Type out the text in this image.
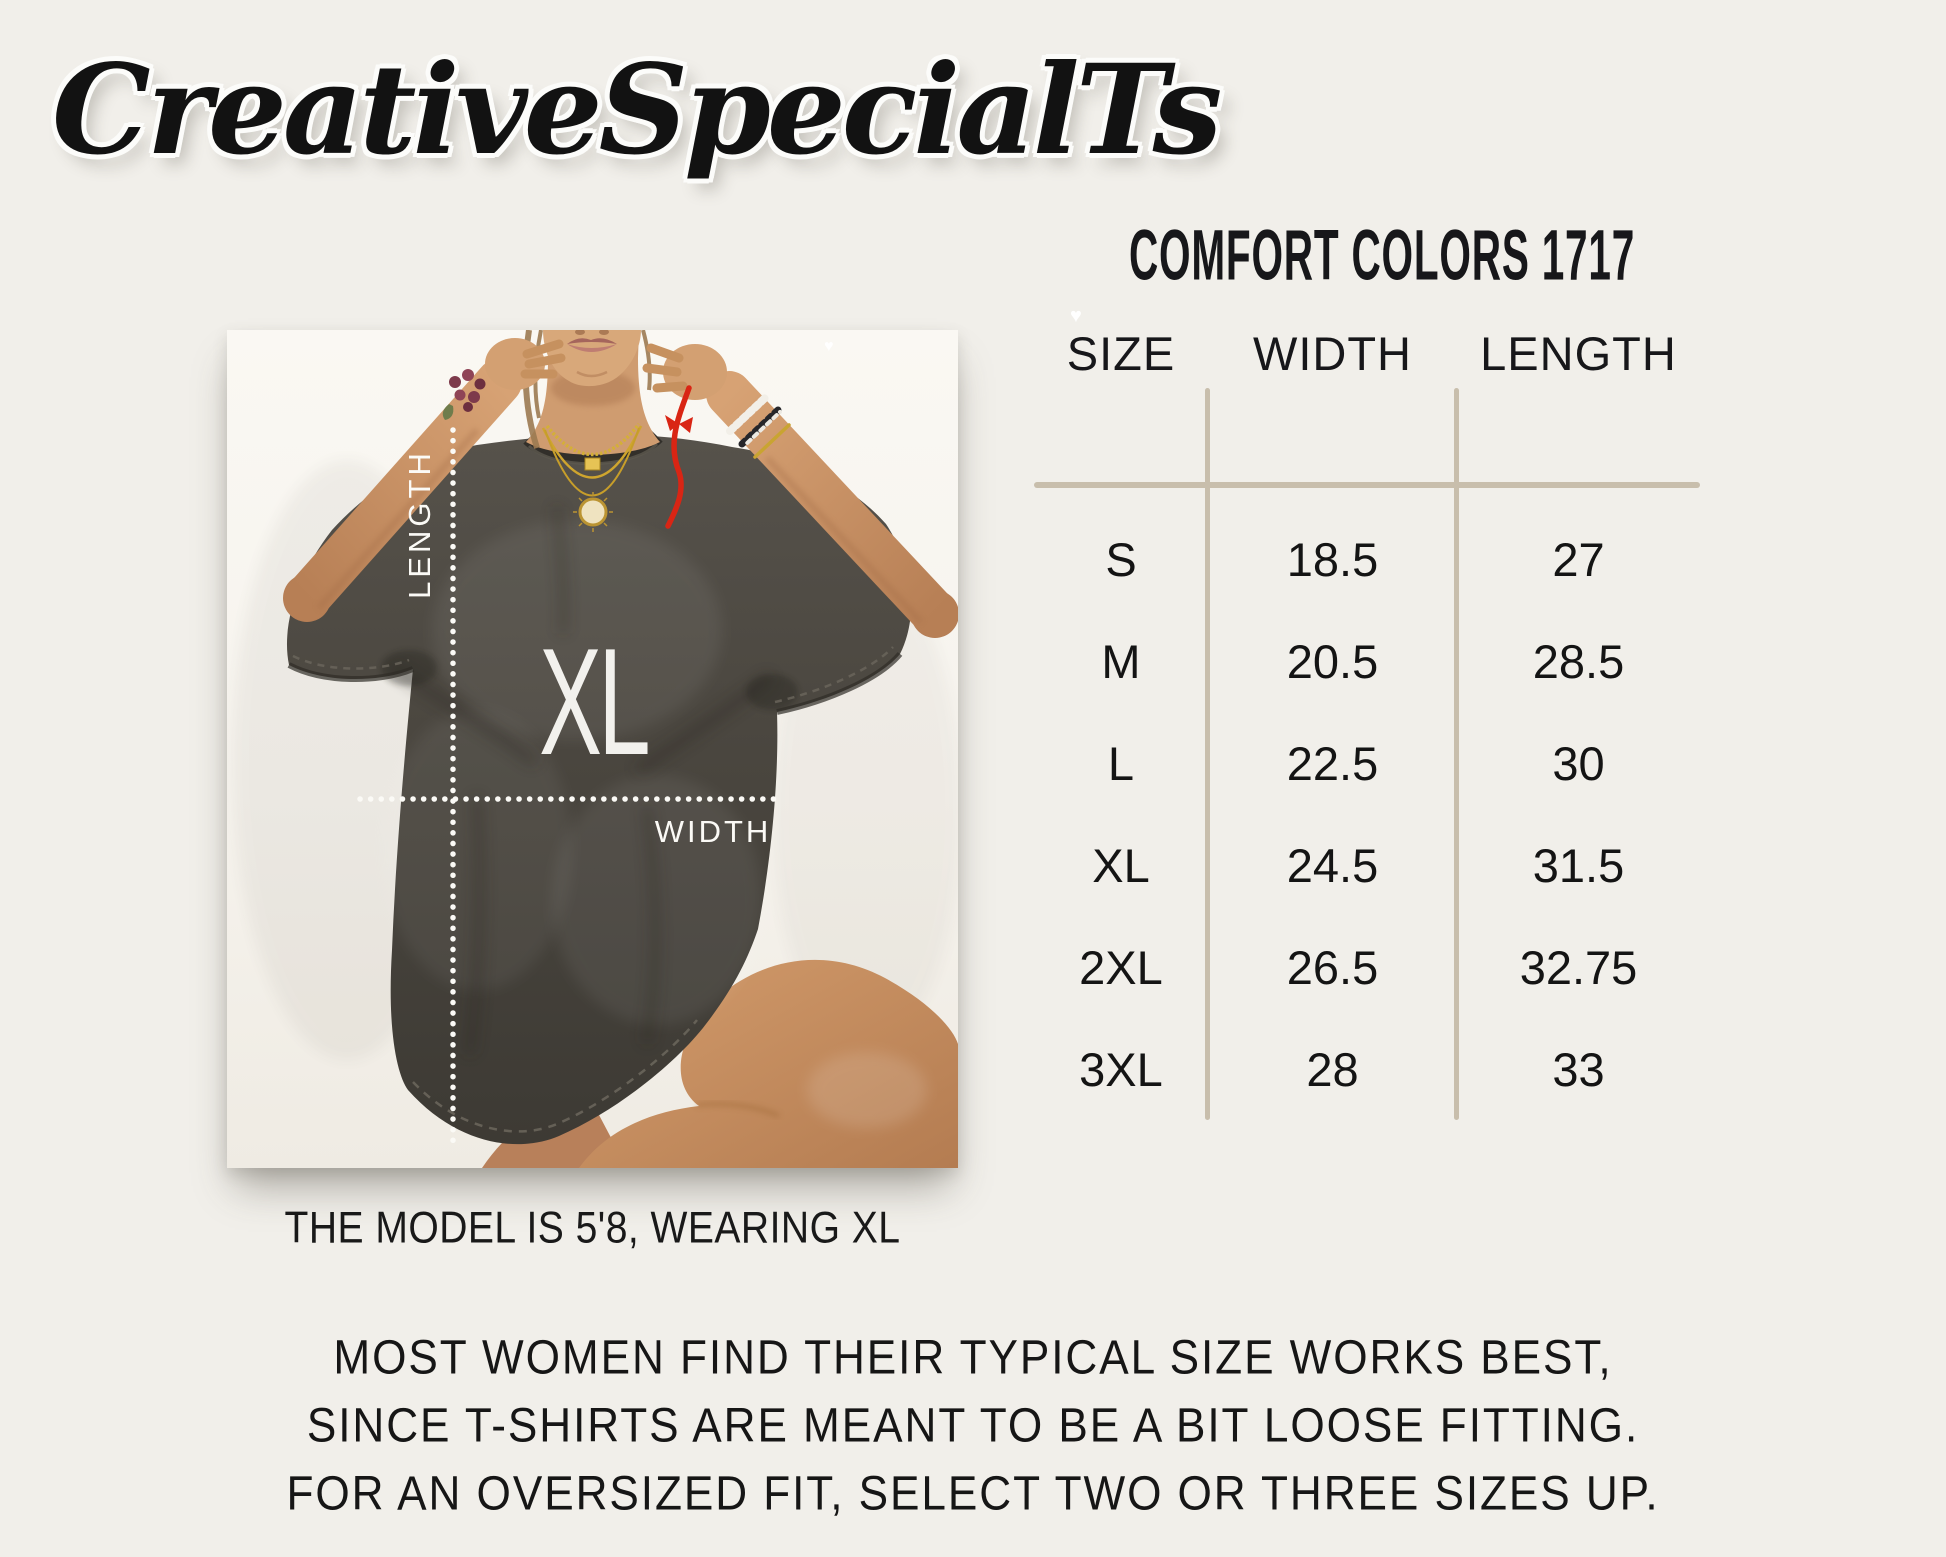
CreativeSpecialTs
COMFORT COLORS 1717
LENGTH
XL
WIDTH
THE MODEL IS 5'8, WEARING XL
SIZE	WIDTH	LENGTH
S	18.5	27
M	20.5	28.5
L	22.5	30
XL	24.5	31.5
2XL	26.5	32.75
3XL	28	33
MOST WOMEN FIND THEIR TYPICAL SIZE WORKS BEST,
SINCE T-SHIRTS ARE MEANT TO BE A BIT LOOSE FITTING.
FOR AN OVERSIZED FIT, SELECT TWO OR THREE SIZES UP.
♥
♥
